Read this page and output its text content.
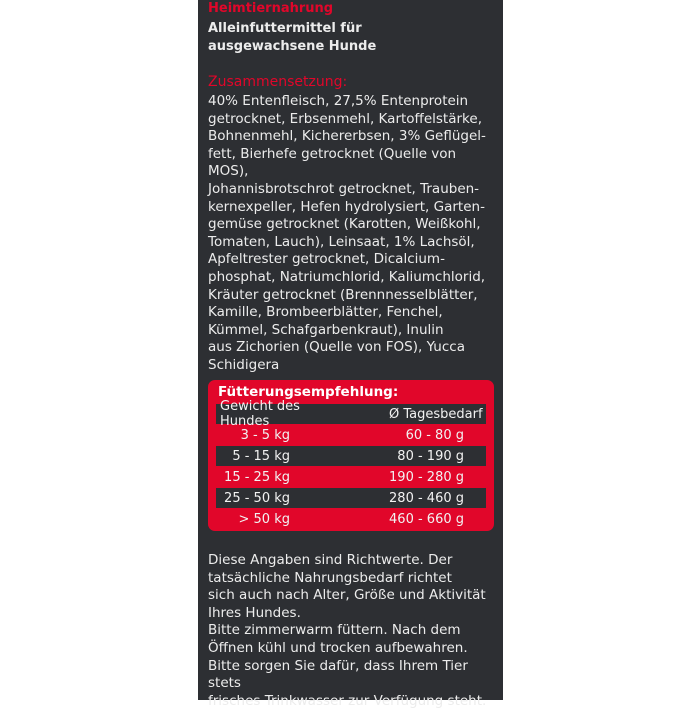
Heimtiernahrung
Alleinfuttermittel für
ausgewachsene Hunde
Zusammensetzung:
40% Entenfleisch, 27,5% Entenprotein
getrocknet, Erbsenmehl, Kartoffelstärke,
Bohnenmehl, Kichererbsen, 3% Geflügel-
fett, Bierhefe getrocknet (Quelle von MOS),
Johannisbrotschrot getrocknet, Trauben-
kernexpeller, Hefen hydrolysiert, Garten-
gemüse getrocknet (Karotten, Weißkohl,
Tomaten, Lauch), Leinsaat, 1% Lachsöl,
Apfeltrester getrocknet, Dicalcium-
phosphat, Natriumchlorid, Kaliumchlorid,
Kräuter getrocknet (Brennnesselblätter,
Kamille, Brombeerblätter, Fenchel,
Kümmel, Schafgarbenkraut), Inulin
aus Zichorien (Quelle von FOS), Yucca
Schidigera
Fütterungsempfehlung:
Gewicht des Hundes	Ø Tagesbedarf
3 - 5 kg	60 - 80 g
5 - 15 kg	80 - 190 g
15 - 25 kg	190 - 280 g
25 - 50 kg	280 - 460 g
> 50 kg	460 - 660 g
Diese Angaben sind Richtwerte. Der
tatsächliche Nahrungsbedarf richtet
sich auch nach Alter, Größe und Aktivität
Ihres Hundes.
Bitte zimmerwarm füttern. Nach dem
Öffnen kühl und trocken aufbewahren.
Bitte sorgen Sie dafür, dass Ihrem Tier stets
frisches Trinkwasser zur Verfügung steht.
